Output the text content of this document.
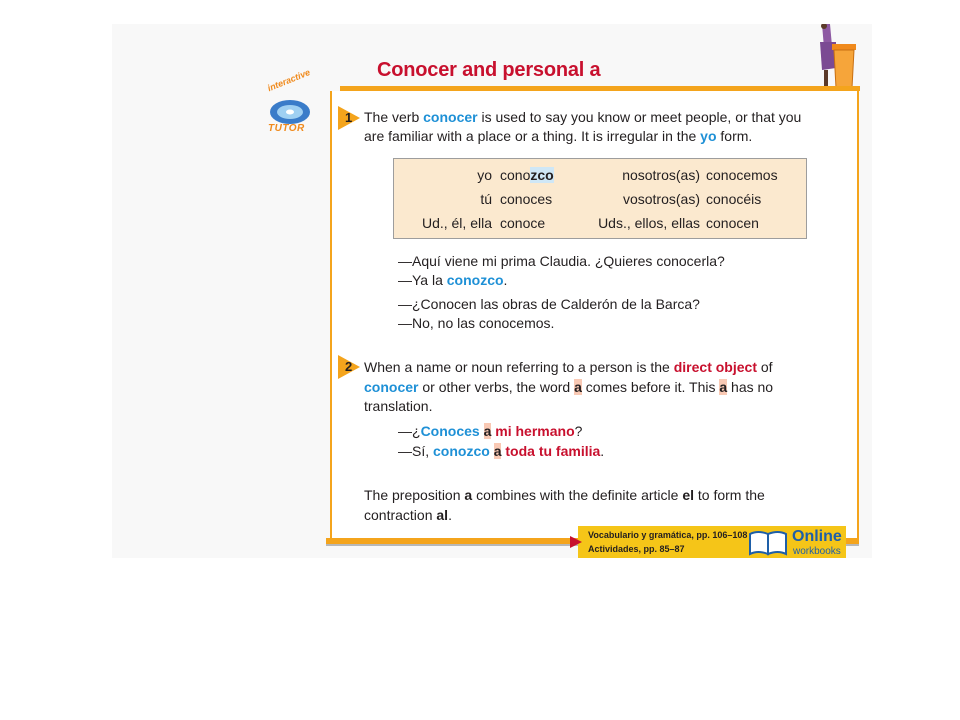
Conocer and personal a
interactive
TUTOR
1 The verb conocer is used to say you know or meet people, or that you
are familiar with a place or a thing. It is irregular in the yo form.
yo conozco	nosotros(as) conocemos
tú conoces	vosotros(as) conocéis
Ud., él, ella conoce	Uds., ellos, ellas conocen
—Aquí viene mi prima Claudia. ¿Quieres conocerla?
—Ya la conozco.
—¿Conocen las obras de Calderón de la Barca?
—No, no las conocemos.
2 When a name or noun referring to a person is the direct object of
conocer or other verbs, the word a comes before it. This a has no
translation.
—¿Conoces a mi hermano?
—Sí, conozco a toda tu familia.
The preposition a combines with the definite article el to form the
contraction al.
Vocabulario y gramática, pp. 106–108
Actividades, pp. 85–87
Online
workbooks
